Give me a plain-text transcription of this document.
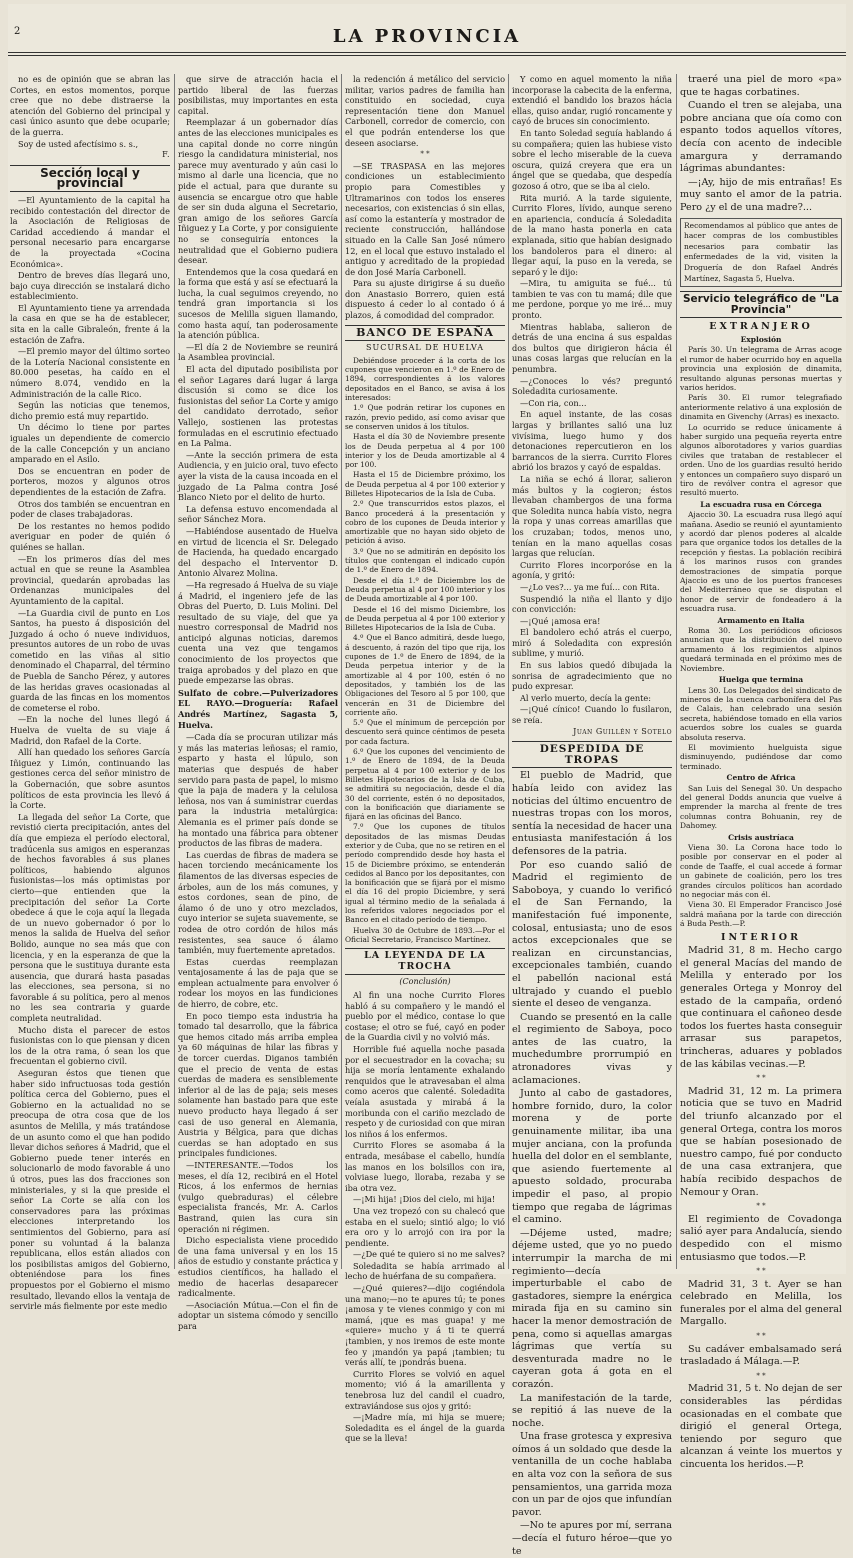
LA PROVINCIA
2

no es de opinión que se abran las Cortes, en estos momentos, porque cree que no debe distraerse la atención del Gobierno del principal y casi único asunto que debe ocuparle; de la guerra.

Soy de usted afectísimo s. s.,

F.
Sección local y provincial

—El Ayuntamiento de la capital ha recibido contestación del director de la Asociación de Religiosas de Caridad accediendo á mandar el personal necesario para encargarse de la proyectada «Cocina Económica».

Dentro de breves días llegará uno, bajo cuya dirección se instalará dicho establecimiento.

El Ayuntamiento tiene ya arrendada la casa en que se ha de establecer, sita en la calle Gibraleón, frente á la estación de Zafra.

—El premio mayor del último sorteo de la Lotería Nacional consistente en 80.000 pesetas, ha caído en el número 8.074, vendido en la Administración de la calle Rico.

Según las noticias que tenemos, dicho premio está muy repartido.

Un décimo lo tiene por partes iguales un dependiente de comercio de la calle Concepción y un anciano amparado en el Asilo.

Dos se encuentran en poder de porteros, mozos y algunos otros dependientes de la estación de Zafra.

Otros dos también se encuentran en poder de clases trabajadoras.

De los restantes no hemos podido averiguar en poder de quién ó quiénes se hallan.

—En los primeros días del mes actual en que se reune la Asamblea provincial, quedarán aprobadas las Ordenanzas municipales del Ayuntamiento de la capital.

—La Guardia civil de punto en Los Santos, ha puesto á disposición del Juzgado á ocho ó nueve individuos, presuntos autores de un robo de uvas cometido en las viñas al sitio denominado el Chaparral, del término de Puebla de Sancho Pérez, y autores de las heridas graves ocasionadas al guarda de las fincas en los momentos de cometerse el robo.

—En la noche del lunes llegó á Huelva de vuelta de su viaje á Madrid, don Rafael de la Corte.

Allí han quedado los señores García Iñiguez y Limón, continuando las gestiones cerca del señor ministro de la Gobernación, que sobre asuntos políticos de esta provincia les llevó á la Corte.

La llegada del señor La Corte, que revistió cierta precipitación, antes del día que empieza el período electoral, tradúcenla sus amigos en esperanzas de hechos favorables á sus planes políticos, habiendo algunos fusionistas—los más optimistas por cierto—que entienden que la precipitación del señor La Corte obedece á que le coja aquí la llegada de un nuevo gobernador ó por lo menos la salida de Huelva del señor Bolido, aunque no sea más que con licencia, y en la esperanza de que la persona que le sustituya durante esta ausencia, que durará hasta pasadas las elecciones, sea persona, si no favorable á su política, pero al menos no les sea contraria y guarde completa neutralidad.

Mucho dista el parecer de estos fusionistas con lo que piensan y dicen los de la otra rama, ó sean los que frecuentan el gobierno civil.

Aseguran éstos que tienen que haber sido infructuosas toda gestión política cerca del Gobierno, pues el Gobierno en la actualidad no se preocupa de otra cosa que de los asuntos de Melilla, y más tratándose de un asunto como el que han podido llevar dichos señores á Madrid, que el Gobierno puede tener interés en solucionarlo de modo favorable á uno ú otros, pues las dos fracciones son ministeriales, y si la que preside el señor La Corte se alía con los conservadores para las próximas elecciones interpretando los sentimientos del Gobierno, para así poner su voluntad á la balanza republicana, ellos están aliados con los posibilistas amigos del Gobierno, obteniéndose para los fines propuestos por el Gobierno el mismo resultado, llevando ellos la ventaja de servirle más fielmente por este medio

que sirve de atracción hacia el partido liberal de las fuerzas posibilistas, muy importantes en esta capital.

Reemplazar á un gobernador días antes de las elecciones municipales es una capital donde no corre ningún riesgo la candidatura ministerial, nos parece muy aventurado y aún casi lo mismo al darle una licencia, que no pide el actual, para que durante su ausencia se encargue otro que hable de ser sin duda alguna el Secretario, gran amigo de los señores García Iñiguez y La Corte, y por consiguiente no se conseguiría entonces la neutralidad que el Gobierno pudiera desear.

Entendemos que la cosa quedará en la forma que está y así se efectuará la lucha, la cual seguimos creyendo, no tendrá gran importancia si los sucesos de Melilla siguen llamando, como hasta aquí, tan poderosamente la atención pública.

—El día 2 de Noviembre se reunirá la Asamblea provincial.

El acta del diputado posibilista por el señor Lagares dará lugar á larga discusión si como se dice los fusionistas del señor La Corte y amigo del candidato derrotado, señor Vallejo, sostienen las protestas formuladas en el escrutinio efectuado en La Palma.

—Ante la sección primera de esta Audiencia, y en juicio oral, tuvo efecto ayer la vista de la causa incoada en el juzgado de La Palma contra José Blanco Nieto por el delito de hurto.

La defensa estuvo encomendada al señor Sánchez Mora.

—Habiéndose ausentado de Huelva en virtud de licencia el Sr. Delegado de Hacienda, ha quedado encargado del despacho el Interventor D. Antonio Alvarez Molina.

—Ha regresado á Huelva de su viaje á Madrid, el ingeniero jefe de las Obras del Puerto, D. Luis Molini. Del resultado de su viaje, del que ya nuestro corresponsal de Madrid nos anticipó algunas noticias, daremos cuenta una vez que tengamos conocimiento de los proyectos que traiga aprobados y del plazo en que puede empezarse las obras.

Sulfato de cobre.—Pulverizadores EL RAYO.—Droguería: Rafael Andrés Martínez, Sagasta 5, Huelva.

—Cada día se procuran utilizar más y más las materias leñosas; el ramio, esparto y hasta el lúpulo, son materias que después de haber servido para pasta de papel, lo mismo que la paja de madera y la celulosa leñosa, nos van á suministrar cuerdas para la industria metalúrgica: Alemania es el primer país donde se ha montado una fábrica para obtener productos de las fibras de madera.

Las cuerdas de fibras de madera se hacen torciendo mecánicamente los filamentos de las diversas especies de árboles, aun de los más comunes, y estos cordones, sean de pino, de álamo ó de uno y otro mezclados, cuyo interior se sujeta suavemente, se rodea de otro cordón de hilos más resistentes, sea sauce ó álamo también, muy fuertemente apretados.

Estas cuerdas reemplazan ventajosamente á las de paja que se emplean actualmente para envolver ó rodear los moyos en las fundiciones de hierro, de cobre, etc.

En poco tiempo esta industria ha tomado tal desarrollo, que la fábrica que hemos citado más arriba emplea ya 60 máquinas de hilar las fibras y de torcer cuerdas. Diganos también que el precio de venta de estas cuerdas de madera es sensiblemente inferior al de las de paja; seis meses solamente han bastado para que este nuevo producto haya llegado á ser casi de uso general en Alemania, Austria y Bélgica, para que dichas cuerdas se han adoptado en sus principales fundiciones.

—INTERESANTE.—Todos los meses, el día 12, recibirá en el Hotel Ricos, á los enfermos de hernias (vulgo quebraduras) el célebre especialista francés, Mr. A. Carlos Bastrand, quien las cura sin operación ni régimen.

Dicho especialista viene procedido de una fama universal y en los 15 años de estudio y constante práctica y estudios científicos, ha hallado el medio de hacerlas desaparecer radicalmente.

—Asociación Mútua.—Con el fin de adoptar un sistema cómodo y sencillo para

la redención á metálico del servicio militar, varios padres de familia han constituido en sociedad, cuya representación tiene don Manuel Carbonell, corredor de comercio, con el que podrán entenderse los que deseen asociarse.

* *

—SE TRASPASA en las mejores condiciones un establecimiento propio para Comestibles y Ultramarinos con todos los enseres necesarios, con existencias ó sin ellas, así como la estantería y mostrador de reciente construcción, hallándose situado en la Calle San José número 12, en el local que estuvo instalado el antiguo y acreditado de la propiedad de don José María Carbonell.

Para su ajuste dirigirse á su dueño don Anastasio Borrero, quien está dispuesto á ceder lo al contado ó á plazos, á comodidad del comprador.

BANCO DE ESPAÑA
SUCURSAL DE HUELVA

Debiéndose proceder á la corta de los cupones que vencieron en 1.º de Enero de 1894, correspondientes á los valores depositados en el Banco, se avisa á los interesados:

1.º Que podrán retirar los cupones en razón, previo pedido, así como avisar que se conserven unidos á los títulos.

Hasta el día 30 de Noviembre presente los de Deuda perpetua al 4 por 100 interior y los de Deuda amortizable al 4 por 100.

Hasta el 15 de Diciembre próximo, los de Deuda perpetua al 4 por 100 exterior y Billetes Hipotecarios de la Isla de Cuba.

2.º Que transcurridos estos plazos, el Banco procederá á la presentación y cobro de los cupones de Deuda interior y amortizable que no hayan sido objeto de petición á aviso.

3.º Que no se admitirán en depósito los títulos que contengan el indicado cupón de 1.º de Enero de 1894.

Desde el día 1.º de Diciembre los de Deuda perpetua al 4 por 100 interior y los de Deuda amortizable al 4 por 100.

Desde el 16 del mismo Diciembre, los de Deuda perpetua al 4 por 100 exterior y Billetes Hipotecarios de la Isla de Cuba.

4.º Que el Banco admitirá, desde luego, á descuento, á razón del tipo que rija, los cupones de 1.º de Enero de 1894, de la Deuda perpetua interior y de la amortizable al 4 por 100, estén ó no depositados, y también los de las Obligaciones del Tesoro al 5 por 100, que vencerán en 31 de Diciembre del corriente año.

5.º Que el mínimum de percepción por descuento será quince céntimos de peseta por cada factura.

6.º Que los cupones del vencimiento de 1.º de Enero de 1894, de la Deuda perpetua al 4 por 100 exterior y de los Billetes Hipotecarios de la Isla de Cuba, se admitirá su negociación, desde el día 30 del corriente, estén ó no depositados, con la bonificación que diariamente se fijará en las oficinas del Banco.

7.º Que los cupones de títulos depositados de las mismas Deudas exterior y de Cuba, que no se retiren en el período comprendido desde hoy hasta el 15 de Diciembre próximo, se entenderán cedidos al Banco por los depositantes, con la bonificación que se fijará por el mismo el día 16 del propio Diciembre, y será igual al término medio de la señalada á los referidos valores negociados por el Banco en el citado período de tiempo.

Huelva 30 de Octubre de 1893.—Por el Oficial Secretario, Francisco Martínez.

LA LEYENDA DE LA TROCHA
(Conclusión)

Al fin una noche Currito Flores habló á su compañero y le mandó el pueblo por el médico, contase lo que costase; el otro se fué, cayó en poder de la Guardia civil y no volvió más.

Horrible fué aquella noche pasada por el secuestrador en la covacha; su hija se moría lentamente exhalando renquidos que le atravesaban el alma como aceros que calenté. Soledadita veíala asustada y mirabá á la moribunda con el cariño mezclado de respeto y de curiosidad con que miran los niños á los enfermos.

Currito Flores se asomaba á la entrada, mesábase el cabello, hundía las manos en los bolsillos con ira, volviase luego, lloraba, rezaba y se iba otra vez.

—¡Mi hija! ¡Dios del cielo, mi hija!

Una vez tropezó con su chalecó que estaba en el suelo; sintió algo; lo vió era oro y lo arrojó con ira por la pendiente.

—¿De qué te quiero si no me salves?

Soledadita se había arrimado al lecho de huérfana de su compañera.

—¿Qué quieres?—dijo cogiéndola una mano;—no te apures tú; te pones ¡amosa y te vienes conmigo y con mi mamá, ¡que es mas guapa! y me «quiere» mucho y á ti te querrá ¡tambien, y nos iremos de este monte feo y ¡mandón ya papá ¡tambien; tu verás allí, te ¡pondrás buena.

Currito Flores se volvió en aquel momento; vió á la amarillenta y tenebrosa luz del candil el cuadro, extraviándose sus ojos y gritó:

—¡Madre mía, mi hija se muere; Soledadita es el ángel de la guarda que se la lleva!

Y como en aquel momento la niña incorporase la cabecita de la enferma, extendió el bandido los brazos hácia ellas, quiso andar, rugió roncamente y cayó de bruces sin conocimiento.

En tanto Soledad seguía hablando á su compañera; quien las hubiese visto sobre el lecho miserable de la cueva oscura, quizá creyera que era un ángel que se quedaba, que despedía gozoso á otro, que se iba al cielo.

Rita murió. A la tarde siguiente, Currito Flores, lívido, aunque sereno en apariencia, conducía á Soledadita de la mano hasta ponerla en cata explanada, sitio que habían designado los bandoleros para el dinero: al llegar aquí, la puso en la vereda, se separó y le dijo:

—Mira, tu amiguita se fué... tú tambien te vas con tu mamá; dile que me perdone, porque yo me iré... muy pronto.

Mientras hablaba, salieron de detrás de una encina á sus espaldas dos bultos que dirigieron hácia él unas cosas largas que relucían en la penumbra.

—¿Conoces lo vés? preguntó Soledadita curiosamente.

—Con ria, con...

En aquel instante, de las cosas largas y brillantes salió una luz vivísima, luego humo y dos detonaciones repercutieron en los barrancos de la sierra. Currito Flores abrió los brazos y cayó de espaldas.

La niña se echó á llorar, salieron más bultos y la cogieron; éstos llevaban chambergos de una forma que Soledita nunca había visto, negra la ropa y unas correas amarillas que los cruzaban; todos, menos uno, tenían en la mano aquellas cosas largas que relucían.

Currito Flores incorporóse en la agonía, y gritó:

—¿Lo ves?... ya me fuí... con Rita.

Suspendió la niña el llanto y dijo con convicción:

—¡Qué ¡amosa era!

El bandolero echó atrás el cuerpo, miró á Soledadita con expresión sublime, y murió.

En sus labios quedó dibujada la sonrisa de agradecimiento que no pudo expresar.

Al verlo muerto, decía la gente:

—¡Qué cínico! Cuando lo fusilaron, se reía.

Juan Guillén y Sotelo
DESPEDIDA DE TROPAS

El pueblo de Madrid, que había leido con avidez las noticias del último encuentro de nuestras tropas con los moros, sentía la necesidad de hacer una entusiasta manifestación á los defensores de la patria.

Por eso cuando salió de Madrid el regimiento de Saboboya, y cuando lo verificó el de San Fernando, la manifestación fué imponente, colosal, entusiasta; uno de esos actos excepcionales que se realizan en circunstancias, excepcionales también, cuando el pabellón nacional está ultrajado y cuando el pueblo siente el deseo de venganza.

Cuando se presentó en la calle el regimiento de Saboya, poco antes de las cuatro, la muchedumbre prorrumpió en atronadores vivas y aclamaciones.

Junto al cabo de gastadores, hombre fornido, duro, la color morena y de porte genuinamente militar, iba una mujer anciana, con la profunda huella del dolor en el semblante, que asiendo fuertemente al apuesto soldado, procuraba impedir el paso, al propio tiempo que regaba de lágrimas el camino.

—Déjeme usted, madre; déjeme usted, que yo no puedo interrumpir la marcha de mi regimiento—decía imperturbable el cabo de gastadores, siempre la enérgica mirada fija en su camino sin hacer la menor demostración de pena, como si aquellas amargas lágrimas que vertía su desventurada madre no le cayeran gota á gota en el corazón.

La manifestación de la tarde, se repitió á las nueve de la noche.

Una frase grotesca y expresiva oímos á un soldado que desde la ventanilla de un coche hablaba en alta voz con la señora de sus pensamientos, una garrida moza con un par de ojos que infundían pavor.

—No te apures por mí, serrana—decía el futuro héroe—que yo te

traeré una piel de moro «pa» que te hagas corbatines.

Cuando el tren se alejaba, una pobre anciana que oía como con espanto todos aquellos vítores, decía con acento de indecible amargura y derramando lágrimas abundantes:

—¡Ay, hijo de mis entrañas! Es muy santo el amor de la patria. Pero ¿y el de una madre?...

Recomendamos al público que antes de hacer compras de los combustibles necesarios para combatir las enfermedades de la vid, visiten la Droguería de don Rafael Andrés Martínez, Sagasta 5, Huelva.
Servicio telegráfico de "La Provincia"
EXTRANJERO
Explosión

París 30. Un telegrama de Arras acoge el rumor de haber ocurrido hoy en aquella provincia una explosión de dinamita, resultando algunas personas muertas y varios heridos.

París 30. El rumor telegrafiado anteriormente relativo á una explosión de dinamita en Givenchy (Arras) es inexacto.

Lo ocurrido se reduce únicamente á haber surgido una pequeña reyerta entre algunos alborotadores y varios guardias civiles que trataban de restablecer el orden. Uno de los guardias resultó herido y entonces un compañero suyo disparó un tiro de revólver contra el agresor que resultó muerto.

La escuadra rusa en Córcega

Ajaccio 30. La escuadra rusa llegó aquí mañana. Asedio se reunió el ayuntamiento y acordó dar plenos poderes al alcalde para que organice todos los detalles de la recepción y fiestas. La población recibirá á los marinos rusos con grandes demostraciones de simpatía porque Ajaccio es uno de los puertos franceses del Mediterráneo que se disputan el honor de servir de fondeadero á la escuadra rusa.

Armamento en Italia

Roma 30. Los periódicos oficiosos anuncian que la distribución del nuevo armamento á los regimientos alpinos quedará terminada en el próximo mes de Noviembre.

Huelga que termina

Lens 30. Los Delegados del sindicato de mineros de la cuenca carbonífera del Pas de Calais, han celebrado una sesión secreta, habiéndose tomado en ella varios acuerdos sobre los cuales se guarda absoluta reserva.

El movimiento huelguista sigue disminuyendo, pudiéndose dar como terminado.

Centro de Africa

San Luis del Senegal 30. Un despacho del general Dodds anuncia que vuelve á emprender la marcha al frente de tres columnas contra Bohuanin, rey de Dahomey.

Crisis austríaca

Viena 30. La Corona hace todo lo posible por conservar en el poder al conde de Taaffe, el cual accede á formar un gabinete de coalición, pero los tres grandes círculos políticos han acordado no negociar más con él.

Viena 30. El Emperador Francisco José saldrá mañana por la tarde con dirección á Buda Pesth.—P.

INTERIOR

Madrid 31, 8 m. Hecho cargo el general Macías del mando de Melilla y enterado por los generales Ortega y Monroy del estado de la campaña, ordenó que continuara el cañoneo desde todos los fuertes hasta conseguir arrasar sus parapetos, trincheras, aduares y poblados de las kábilas vecinas.—P.

* *

Madrid 31, 12 m. La primera noticia que se tuvo en Madrid del triunfo alcanzado por el general Ortega, contra los moros que se habían posesionado de nuestro campo, fué por conducto de una casa extranjera, que había recibido despachos de Nemour y Oran.

* *

El regimiento de Covadonga salió ayer para Andalucía, siendo despedido con el mismo entusiasmo que todos.—P.

* *

Madrid 31, 3 t. Ayer se han celebrado en Melilla, los funerales por el alma del general Margallo.

* *

Su cadáver embalsamado será trasladado á Málaga.—P.

* *

Madrid 31, 5 t. No dejan de ser considerables las pérdidas ocasionadas en el combate que dirigió el general Ortega, teniendo por seguro que alcanzan á veinte los muertos y cincuenta los heridos.—P.
